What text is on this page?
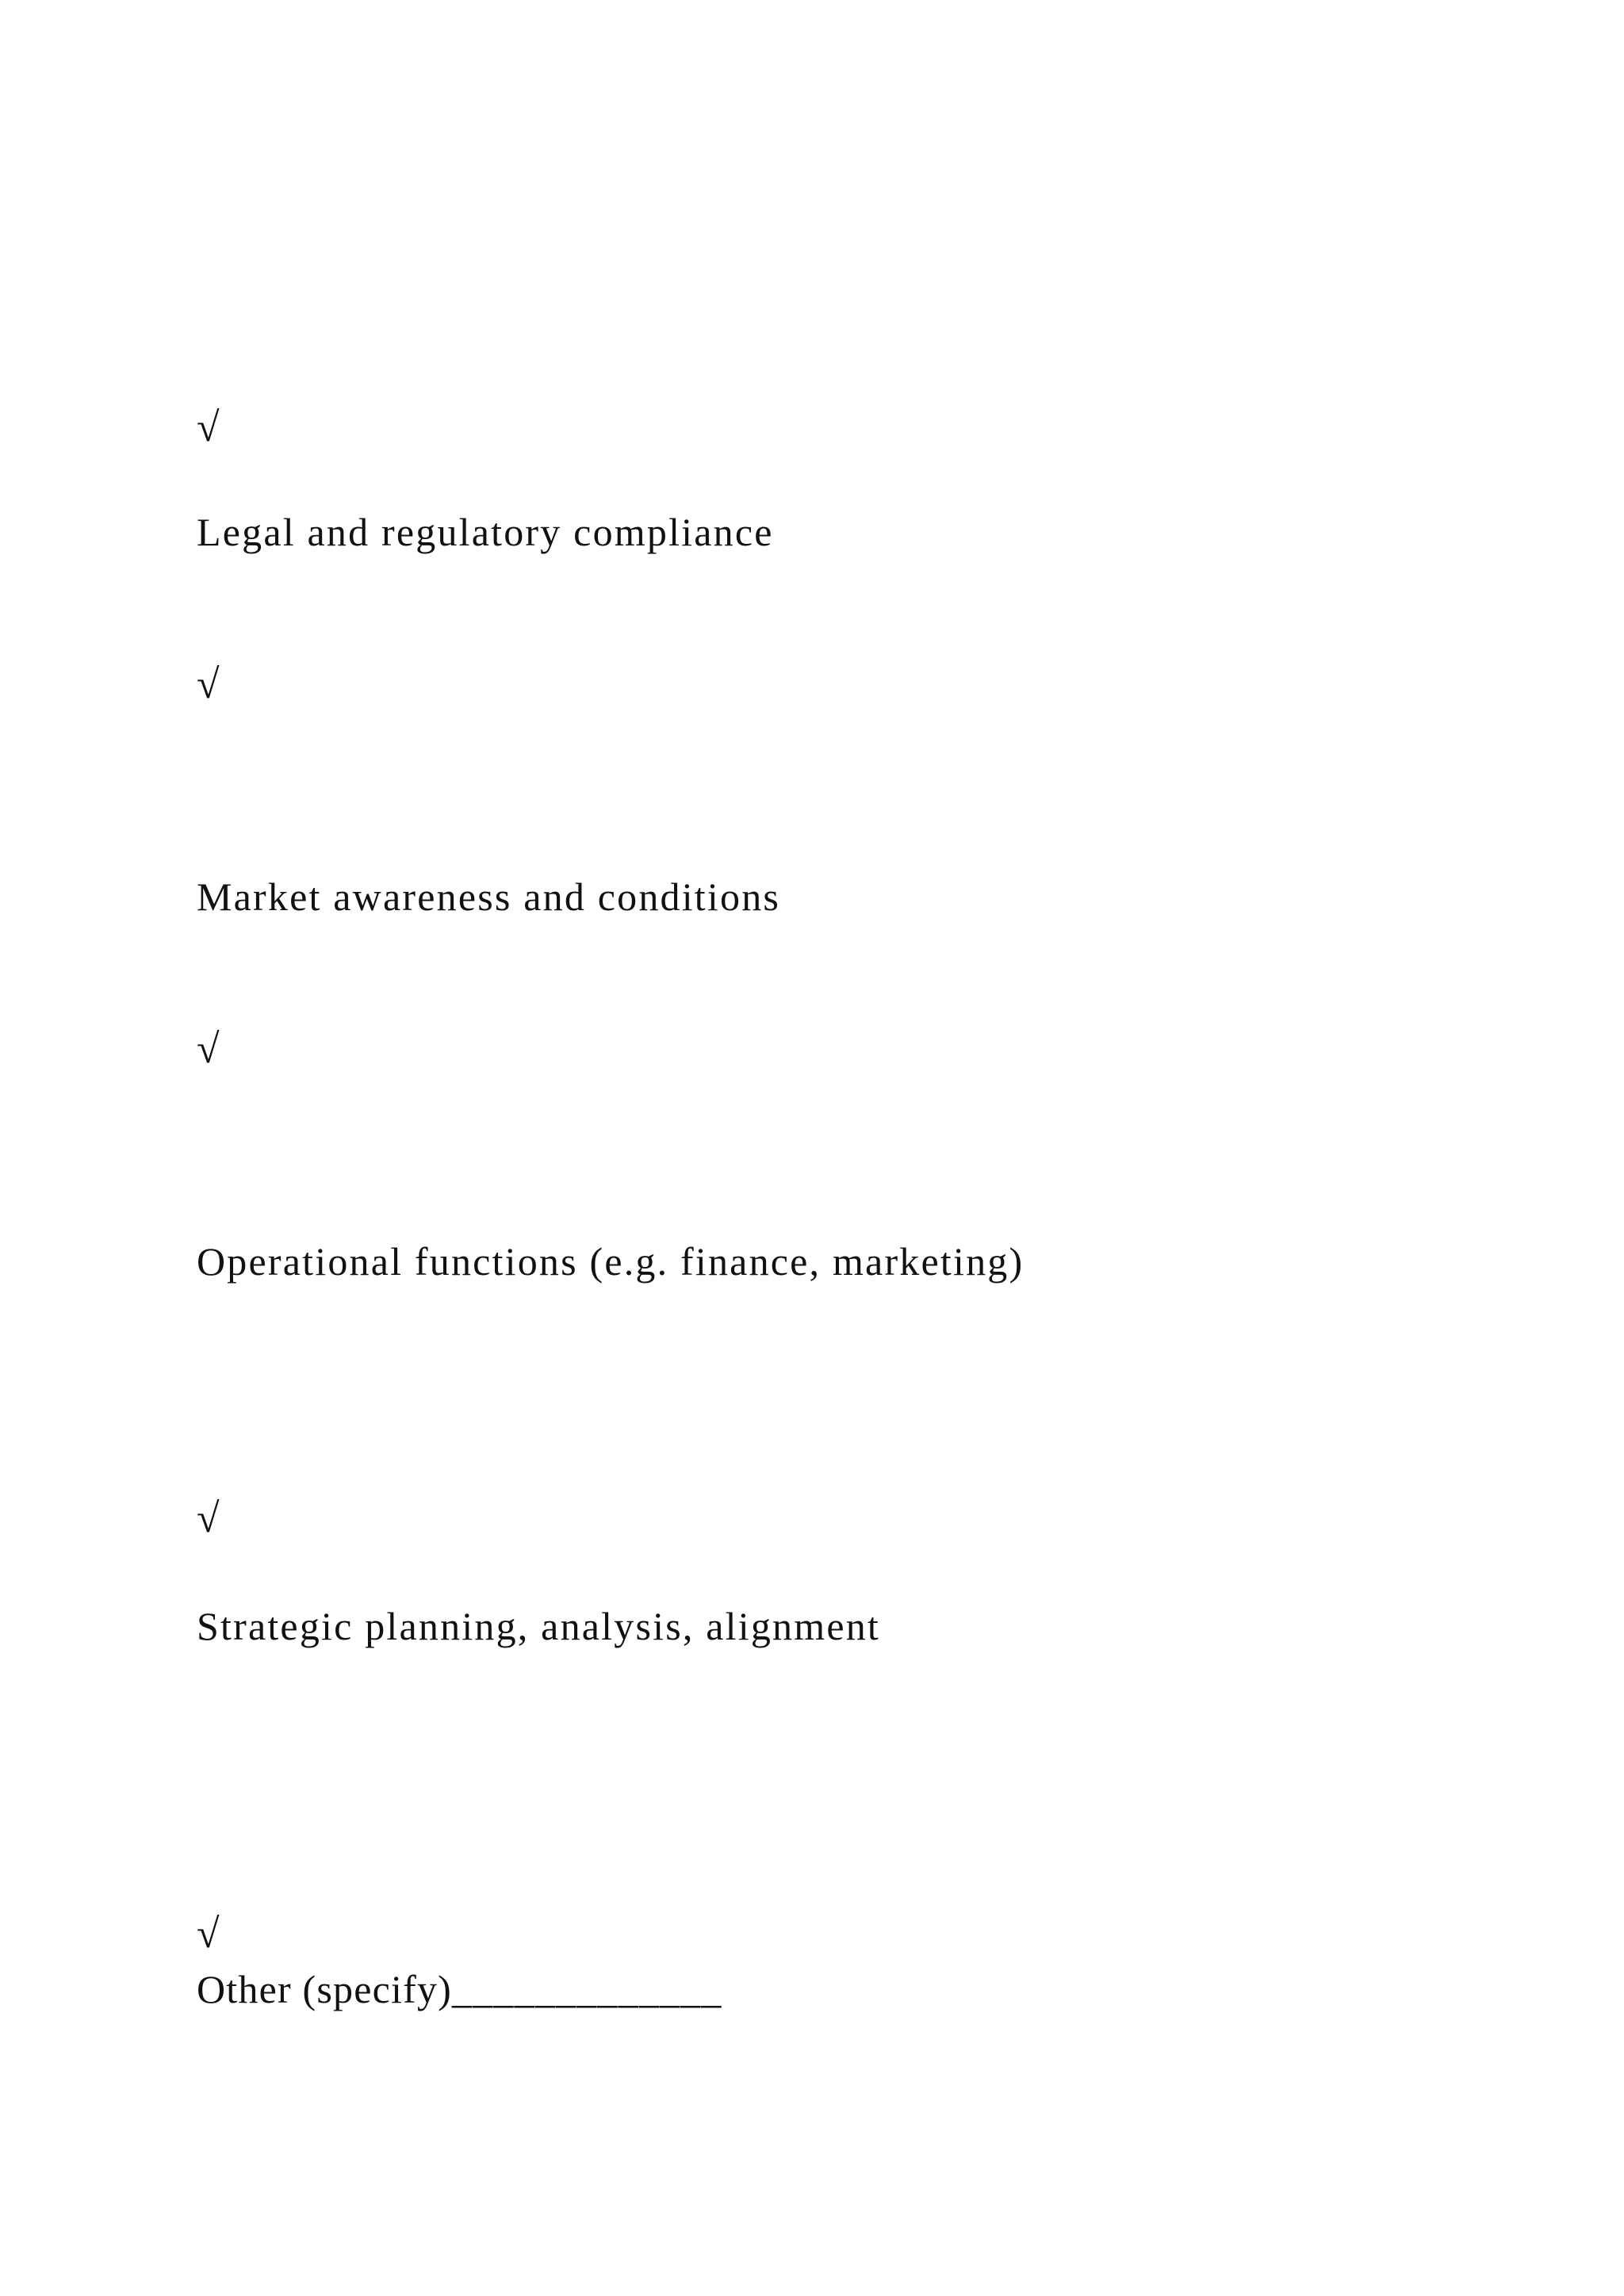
√
Legal and regulatory compliance
√
Market awareness and conditions
√
Operational functions (e.g. finance, marketing)
√
Strategic planning, analysis, alignment
√
Other (specify)_____________
